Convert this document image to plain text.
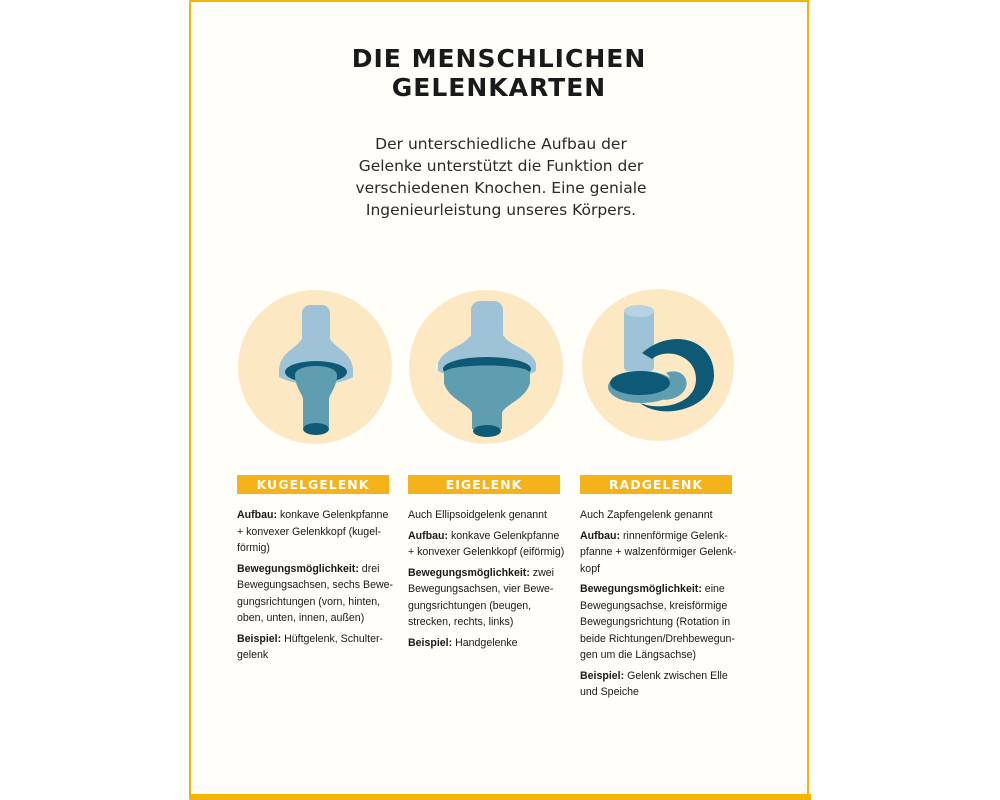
DIE MENSCHLICHEN
GELENKARTEN
Der unterschiedliche Aufbau der
Gelenke unterstützt die Funktion der
verschiedenen Knochen. Eine geniale
Ingenieurleistung unseres Körpers.
KUGELGELENK

Aufbau: konkave Gelenkpfanne
+ konvexer Gelenkkopf (kugel-
förmig)

Bewegungsmöglichkeit: drei
Bewegungsachsen, sechs Bewe-
gungsrichtungen (vorn, hinten,
oben, unten, innen, außen)

Beispiel: Hüftgelenk, Schulter-
gelenk

EIGELENK

Auch Ellipsoidgelenk genannt

Aufbau: konkave Gelenkpfanne
+ konvexer Gelenkkopf (eiförmig)

Bewegungsmöglichkeit: zwei
Bewegungsachsen, vier Bewe-
gungsrichtungen (beugen,
strecken, rechts, links)

Beispiel: Handgelenke

RADGELENK

Auch Zapfengelenk genannt

Aufbau: rinnenförmige Gelenk-
pfanne + walzenförmiger Gelenk-
kopf

Bewegungsmöglichkeit: eine
Bewegungsachse, kreisförmige
Bewegungsrichtung (Rotation in
beide Richtungen/Drehbewegun-
gen um die Längsachse)

Beispiel: Gelenk zwischen Elle
und Speiche
